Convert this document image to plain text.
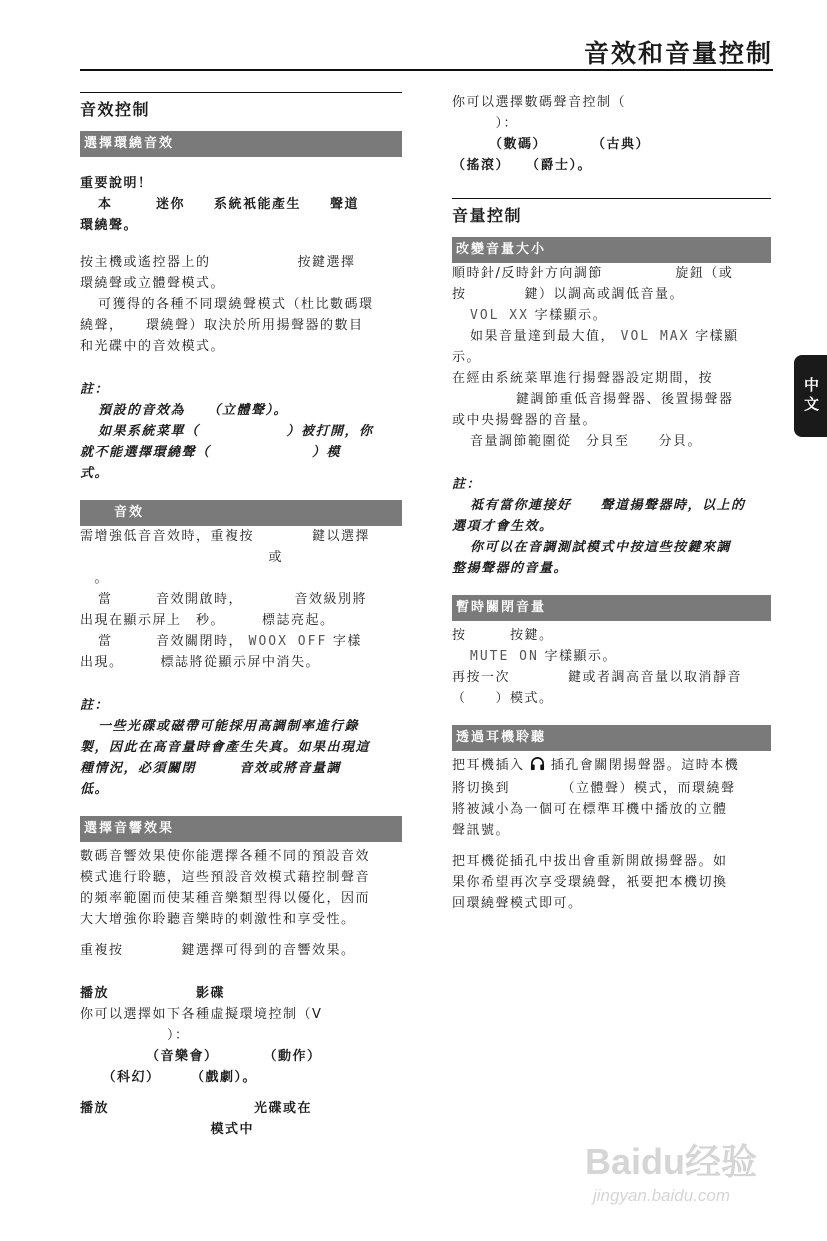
音效和音量控制
音效控制
選擇環繞音效

重要說明！

本　　　迷你　　系統衹能產生　　聲道

環繞聲。

按主機或遙控器上的　　　　　　按鍵選擇

環繞聲或立體聲模式。

可獲得的各種不同環繞聲模式（杜比數碼環

繞聲，　　環繞聲）取決於所用揚聲器的數目

和光碟中的音效模式。

註：

預設的音效為　　（立體聲）。

如果系統菜單（　　　　　　）被打開，你

就不能選擇環繞聲（　　　　　　　）模

式。

　　音效

需增強低音音效時，重複按　　　　鍵以選擇

　　　　　　　　　　　　　或

　。

當　　　音效開啟時，　　　　音效級別將

出現在顯示屏上　秒。　　　標誌亮起。

當　　　音效關閉時， WOOX OFF 字樣

出現。　　　標誌將從顯示屏中消失。

註：

一些光碟或磁帶可能採用高調制率進行錄

製，因此在高音量時會產生失真。如果出現這

種情況，必須關閉　　　音效或將音量調

低。

選擇音響效果

數碼音響效果使你能選擇各種不同的預設音效

模式進行聆聽，這些預設音效模式藉控制聲音

的頻率範圍而使某種音樂類型得以優化，因而

大大增強你聆聽音樂時的刺激性和享受性。

重複按　　　　鍵選擇可得到的音響效果。

播放　　　　　　影碟

你可以選擇如下各種虛擬環境控制（V

　　　　　　）：

　　　　　（音樂會）　　　　（動作）

　　（科幻）　　　（戲劇）。

播放　　　　　　　　　　光碟或在

　　　　　　　　　模式中

你可以選擇數碼聲音控制（

　　　）：

　　　（數碼）　　　　（古典）

（搖滾）　　（爵士）。

音量控制
改變音量大小

順時針/反時針方向調節　　　　　旋鈕（或

按　　　　鍵）以調高或調低音量。

VOL XX 字樣顯示。

如果音量達到最大值， VOL MAX 字樣顯

示。

在經由系統菜單進行揚聲器設定期間，按

鍵調節重低音揚聲器、後置揚聲器

或中央揚聲器的音量。

音量調節範圍從　分貝至　　分貝。

註：

祗有當你連接好　　聲道揚聲器時，以上的

選項才會生效。

你可以在音調測試模式中按這些按鍵來調

整揚聲器的音量。

暫時關閉音量

按　　　按鍵。

MUTE ON 字樣顯示。

再按一次　　　　鍵或者調高音量以取消靜音

（　　）模式。

透過耳機聆聽

把耳機插入 插孔會關閉揚聲器。這時本機

將切換到　　　　（立體聲）模式，而環繞聲

將被減小為一個可在標準耳機中播放的立體

聲訊號。

把耳機從插孔中拔出會重新開啟揚聲器。如

果你希望再次享受環繞聲，衹要把本機切換

回環繞聲模式即可。

中文
Baidu经验
jingyan.baidu.com
